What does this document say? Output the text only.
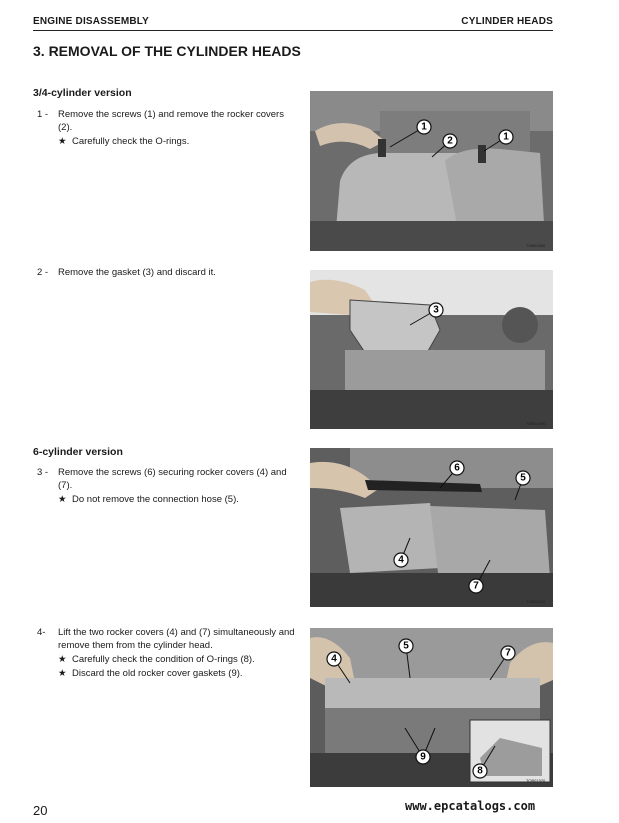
ENGINE DISASSEMBLY	CYLINDER HEADS
3. REMOVAL OF THE CYLINDER HEADS
3/4-cylinder version
1 - Remove the screws (1) and remove the rocker covers (2).
★ Carefully check the O-rings.
2 - Remove the gasket (3) and discard it.
6-cylinder version
3 - Remove the screws (6) securing rocker covers (4) and (7).
★ Do not remove the connection hose (5).
4- Lift the two rocker covers (4) and (7) simultaneously and remove them from the cylinder head.
★ Carefully check the condition of O-rings (8).
★ Discard the old rocker cover gaskets (9).
1
2	1
TOB01500
3
TOB01490
6
5
4
7
TOB01510
5
4
7
9
8
TOB01520
20	www.epcatalogs.com
